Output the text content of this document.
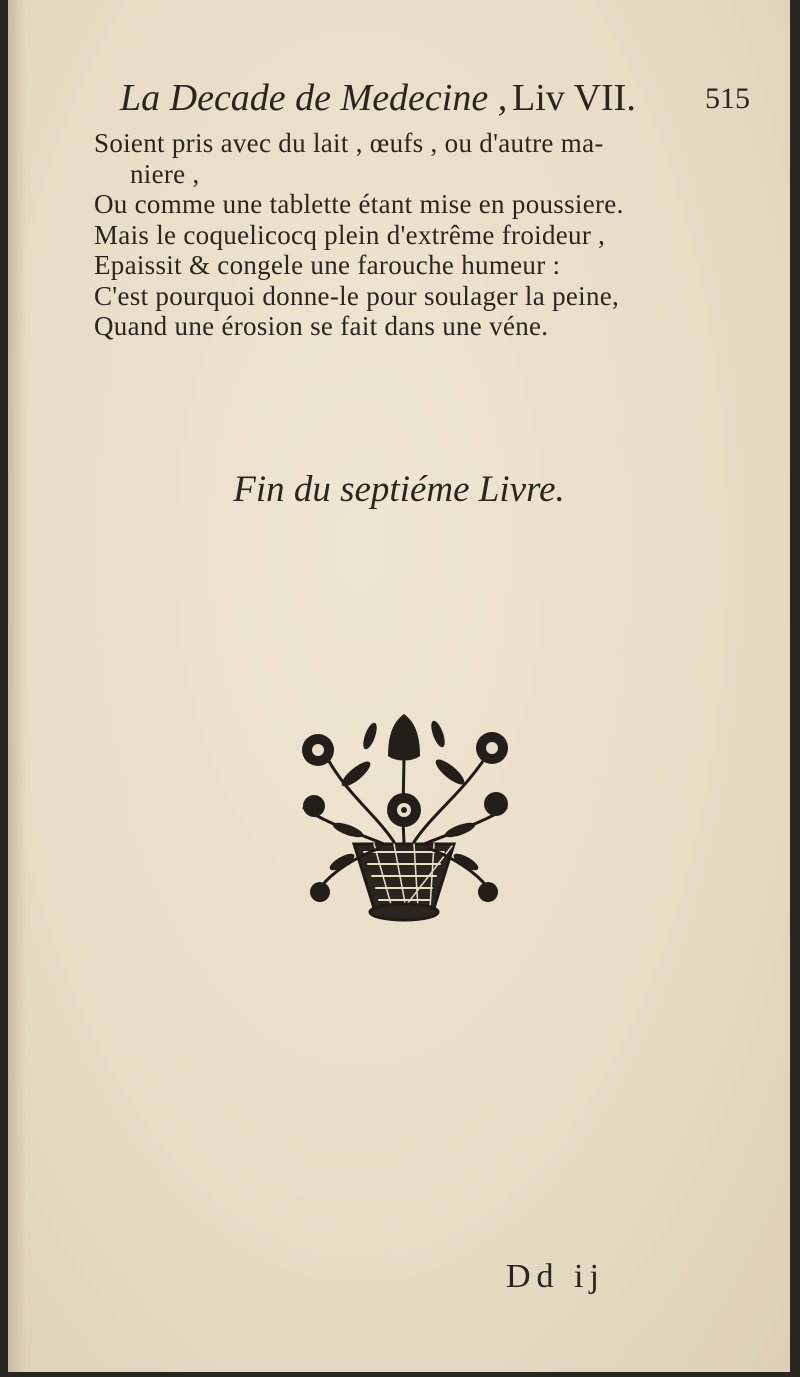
La Decade de Medecine , Liv VII. 515
Soient pris avec du lait , œufs , ou d'autre ma-
niere ,
Ou comme une tablette étant mise en poussiere.
Mais le coquelicocq plein d'extrême froideur ,
Epaissit & congele une farouche humeur :
C'est pourquoi donne-le pour soulager la peine,
Quand une érosion se fait dans une véne.
Fin du septiéme Livre.
Dd ij
